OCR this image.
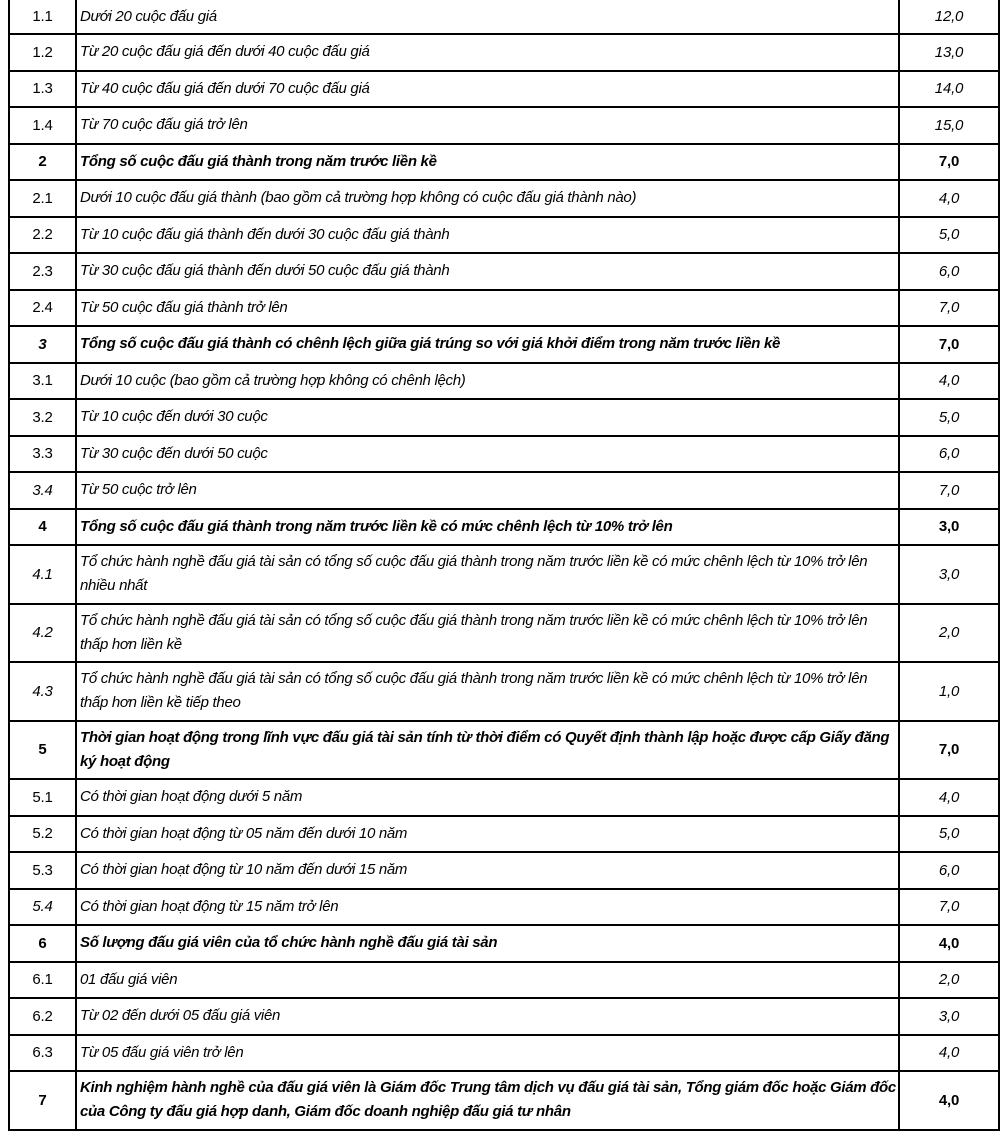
1.1	Dưới 20 cuộc đấu giá	12,0
1.2	Từ 20 cuộc đấu giá đến dưới 40 cuộc đấu giá	13,0
1.3	Từ 40 cuộc đấu giá đến dưới 70 cuộc đấu giá	14,0
1.4	Từ 70 cuộc đấu giá trở lên	15,0
2	Tổng số cuộc đấu giá thành trong năm trước liền kề	7,0
2.1	Dưới 10 cuộc đấu giá thành (bao gồm cả trường hợp không có cuộc đấu giá thành nào)	4,0
2.2	Từ 10 cuộc đấu giá thành đến dưới 30 cuộc đấu giá thành	5,0
2.3	Từ 30 cuộc đấu giá thành đến dưới 50 cuộc đấu giá thành	6,0
2.4	Từ 50 cuộc đấu giá thành trở lên	7,0
3	Tổng số cuộc đấu giá thành có chênh lệch giữa giá trúng so với giá khởi điểm trong năm trước liền kề	7,0
3.1	Dưới 10 cuộc (bao gồm cả trường hợp không có chênh lệch)	4,0
3.2	Từ 10 cuộc đến dưới 30 cuộc	5,0
3.3	Từ 30 cuộc đến dưới 50 cuộc	6,0
3.4	Từ 50 cuộc trở lên	7,0
4	Tổng số cuộc đấu giá thành trong năm trước liền kề có mức chênh lệch từ 10% trở lên	3,0
4.1	Tổ chức hành nghề đấu giá tài sản có tổng số cuộc đấu giá thành trong năm trước liền kề có mức chênh lệch từ 10% trở lên nhiều nhất	3,0
4.2	Tổ chức hành nghề đấu giá tài sản có tổng số cuộc đấu giá thành trong năm trước liền kề có mức chênh lệch từ 10% trở lên thấp hơn liền kề	2,0
4.3	Tổ chức hành nghề đấu giá tài sản có tổng số cuộc đấu giá thành trong năm trước liền kề có mức chênh lệch từ 10% trở lên thấp hơn liền kề tiếp theo	1,0
5	Thời gian hoạt động trong lĩnh vực đấu giá tài sản tính từ thời điểm có Quyết định thành lập hoặc được cấp Giấy đăng ký hoạt động	7,0
5.1	Có thời gian hoạt động dưới 5 năm	4,0
5.2	Có thời gian hoạt động từ 05 năm đến dưới 10 năm	5,0
5.3	Có thời gian hoạt động từ 10 năm đến dưới 15 năm	6,0
5.4	Có thời gian hoạt động từ 15 năm trở lên	7,0
6	Số lượng đấu giá viên của tổ chức hành nghề đấu giá tài sản	4,0
6.1	01 đấu giá viên	2,0
6.2	Từ 02 đến dưới 05 đấu giá viên	3,0
6.3	Từ 05 đấu giá viên trở lên	4,0
7	Kinh nghiệm hành nghề của đấu giá viên là Giám đốc Trung tâm dịch vụ đấu giá tài sản, Tổng giám đốc hoặc Giám đốc của Công ty đấu giá hợp danh, Giám đốc doanh nghiệp đấu giá tư nhân	4,0
